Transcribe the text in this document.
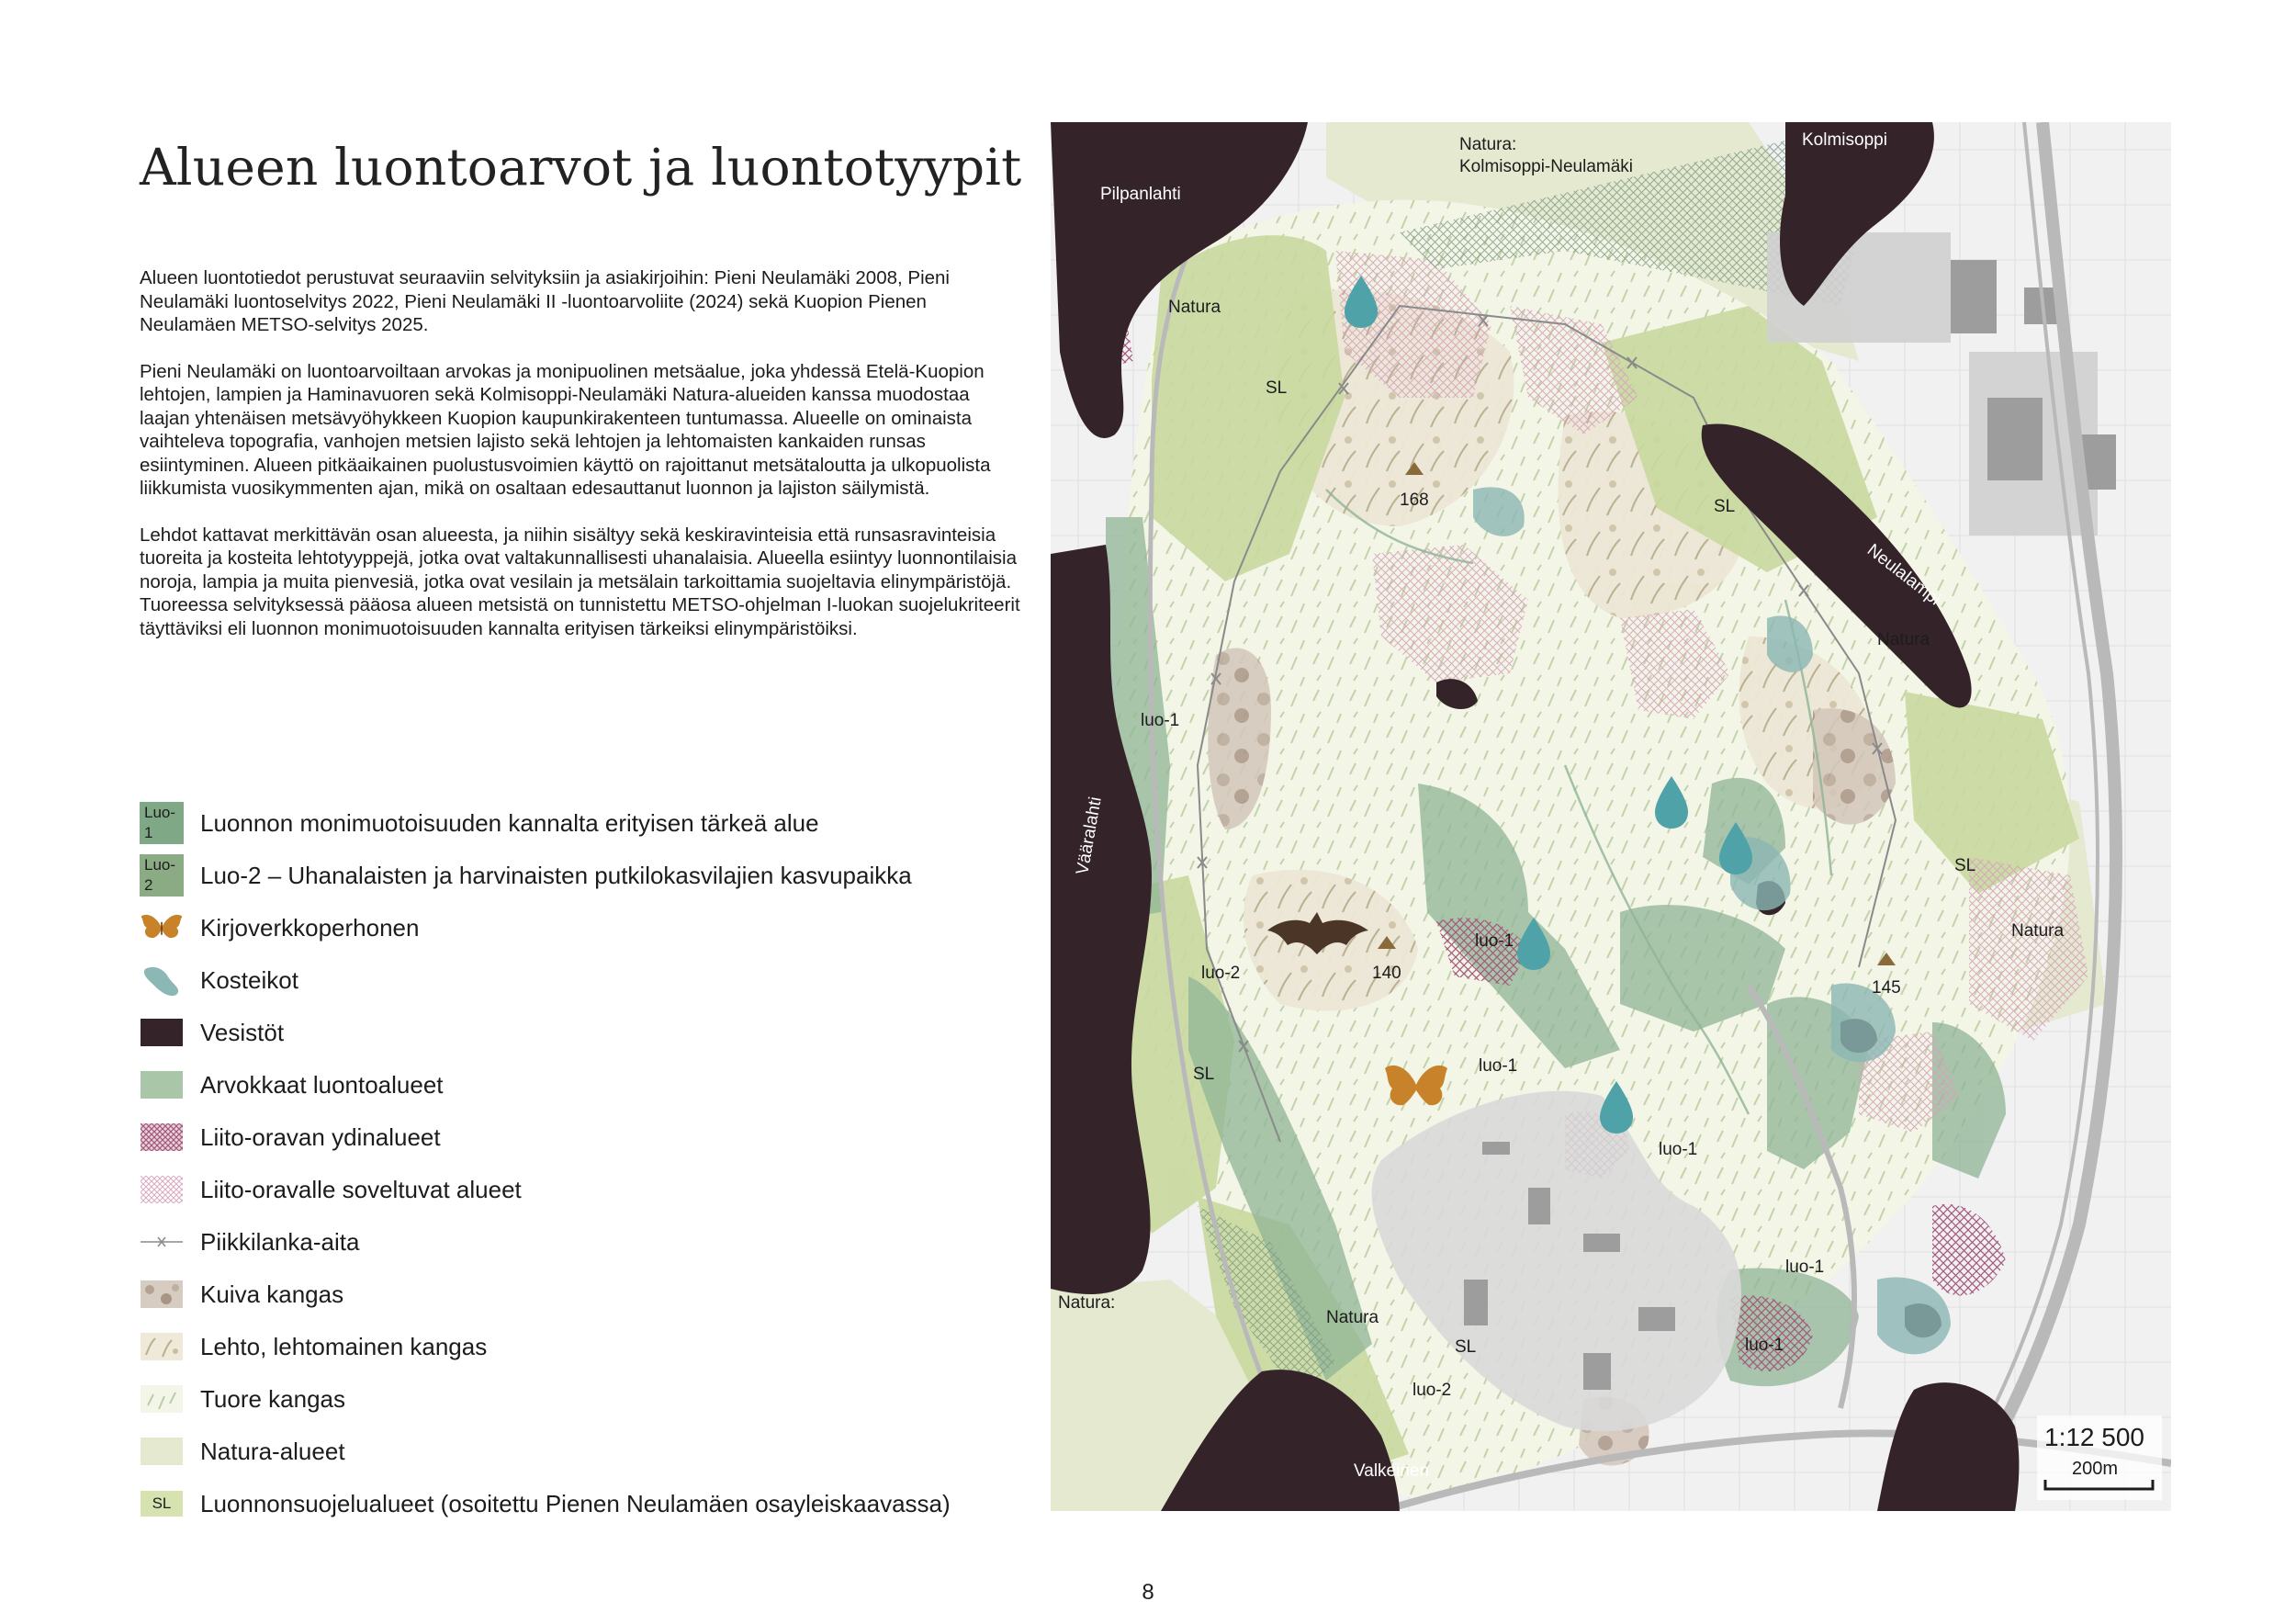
Alueen luontoarvot ja luontotyypit

Alueen luontotiedot perustuvat seuraaviin selvityksiin ja asiakirjoihin: Pieni Neulamäki 2008, Pieni Neulamäki luontoselvitys 2022, Pieni Neulamäki II -luontoarvoliite (2024) sekä Kuopion Pienen Neulamäen METSO-selvitys 2025.

Pieni Neulamäki on luontoarvoiltaan arvokas ja monipuolinen metsäalue, joka yhdessä Etelä-Kuopion lehtojen, lampien ja Haminavuoren sekä Kolmisoppi-Neulamäki Natura-alueiden kanssa muodostaa laajan yhtenäisen metsävyöhykkeen Kuopion kaupunkirakenteen tuntumassa. Alueelle on ominaista vaihteleva topografia, vanhojen metsien lajisto sekä lehtojen ja lehtomaisten kankaiden runsas esiintyminen. Alueen pitkäaikainen puolustusvoimien käyttö on rajoittanut metsätaloutta ja ulkopuolista liikkumista vuosikymmenten ajan, mikä on osaltaan edesauttanut luonnon ja lajiston säilymistä.

Lehdot kattavat merkittävän osan alueesta, ja niihin sisältyy sekä keskiravinteisia että runsasravinteisia tuoreita ja kosteita lehtotyyppejä, jotka ovat valtakunnallisesti uhanalaisia. Alueella esiintyy luonnontilaisia noroja, lampia ja muita pienvesiä, jotka ovat vesilain ja metsälain tarkoittamia suojeltavia elinympäristöjä. Tuoreessa selvityksessä pääosa alueen metsistä on tunnistettu METSO-ohjelman I-luokan suojelukriteerit täyttäviksi eli luonnon monimuotoisuuden kannalta erityisen tärkeiksi elinympäristöiksi.

Luo-1	Luonnon monimuotoisuuden kannalta erityisen tärkeä alue
Luo-2	Luo-2 – Uhanalaisten ja harvinaisten putkilokasvilajien kasvupaikka
Kirjoverkkoperhonen
Kosteikot
Vesistöt
Arvokkaat luontoalueet
Liito-oravan ydinalueet
Liito-oravalle soveltuvat alueet
Piikkilanka-aita
Kuiva kangas
Lehto, lehtomainen kangas
Tuore kangas
Natura-alueet
SL	Luonnonsuojelualueet (osoitettu Pienen Neulamäen osayleiskaavassa)
168
140
145
Kolmisoppi
Natura:
Kolmisoppi-Neulamäki
Pilpanlahti
Natura
SL
SL
Neulalampi
Natura
luo-1
Vääralahti
luo-2
SL
SL
Natura
luo-1
luo-1
luo-1
luo-1
luo-1
Natura:
Natura
SL
luo-2
Valkeinen
1:12 500
200m
8
